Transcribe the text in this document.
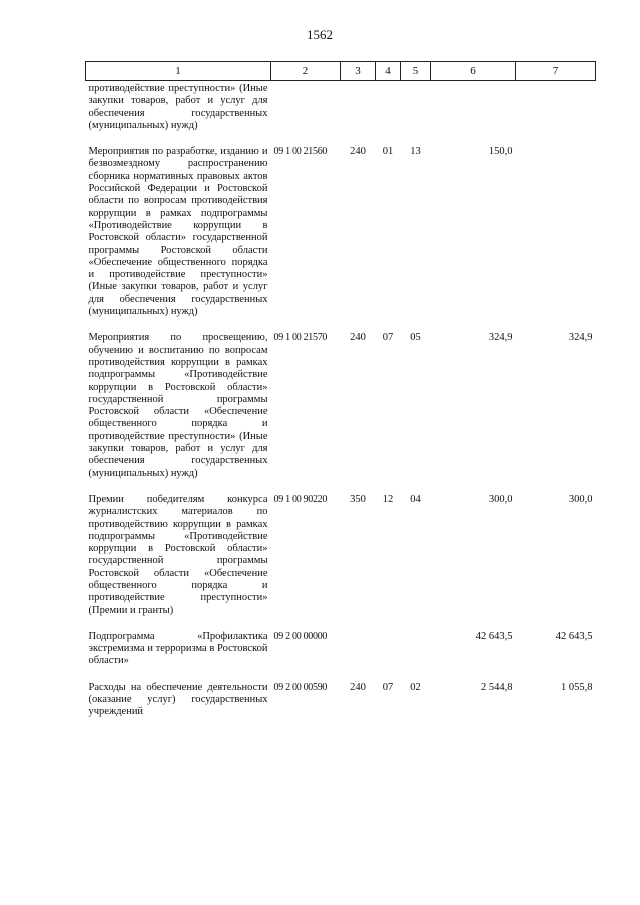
1562
1	2	3	4	5	6	7
противодействие преступности» (Иные закупки товаров, работ и услуг для обеспечения государственных (муниципальных) нужд)						
Мероприятия по разработке, изданию и безвозмездному распространению сборника нормативных правовых актов Российской Федерации и Ростовской области по вопросам противодействия коррупции в рамках подпрограммы «Противодействие коррупции в Ростовской области» государственной программы Ростовской области «Обеспечение общественного порядка и противодействие преступности» (Иные закупки товаров, работ и услуг для обеспечения государственных (муниципальных) нужд)	09 1 00 21560	240	01	13	150,0	
Мероприятия по просвещению, обучению и воспитанию по вопросам противодействия коррупции в рамках подпрограммы «Противодействие коррупции в Ростовской области» государственной программы Ростовской области «Обеспечение общественного порядка и противодействие преступности» (Иные закупки товаров, работ и услуг для обеспечения государственных (муниципальных) нужд)	09 1 00 21570	240	07	05	324,9	324,9
Премии победителям конкурса журналистских материалов по противодействию коррупции в рамках подпрограммы «Противодействие коррупции в Ростовской области» государственной программы Ростовской области «Обеспечение общественного порядка и противодействие преступности» (Премии и гранты)	09 1 00 90220	350	12	04	300,0	300,0
Подпрограмма «Профилактика экстремизма и терроризма в Ростовской области»	09 2 00 00000				42 643,5	42 643,5
Расходы на обеспечение деятельности (оказание услуг) государственных учреждений	09 2 00 00590	240	07	02	2 544,8	1 055,8
